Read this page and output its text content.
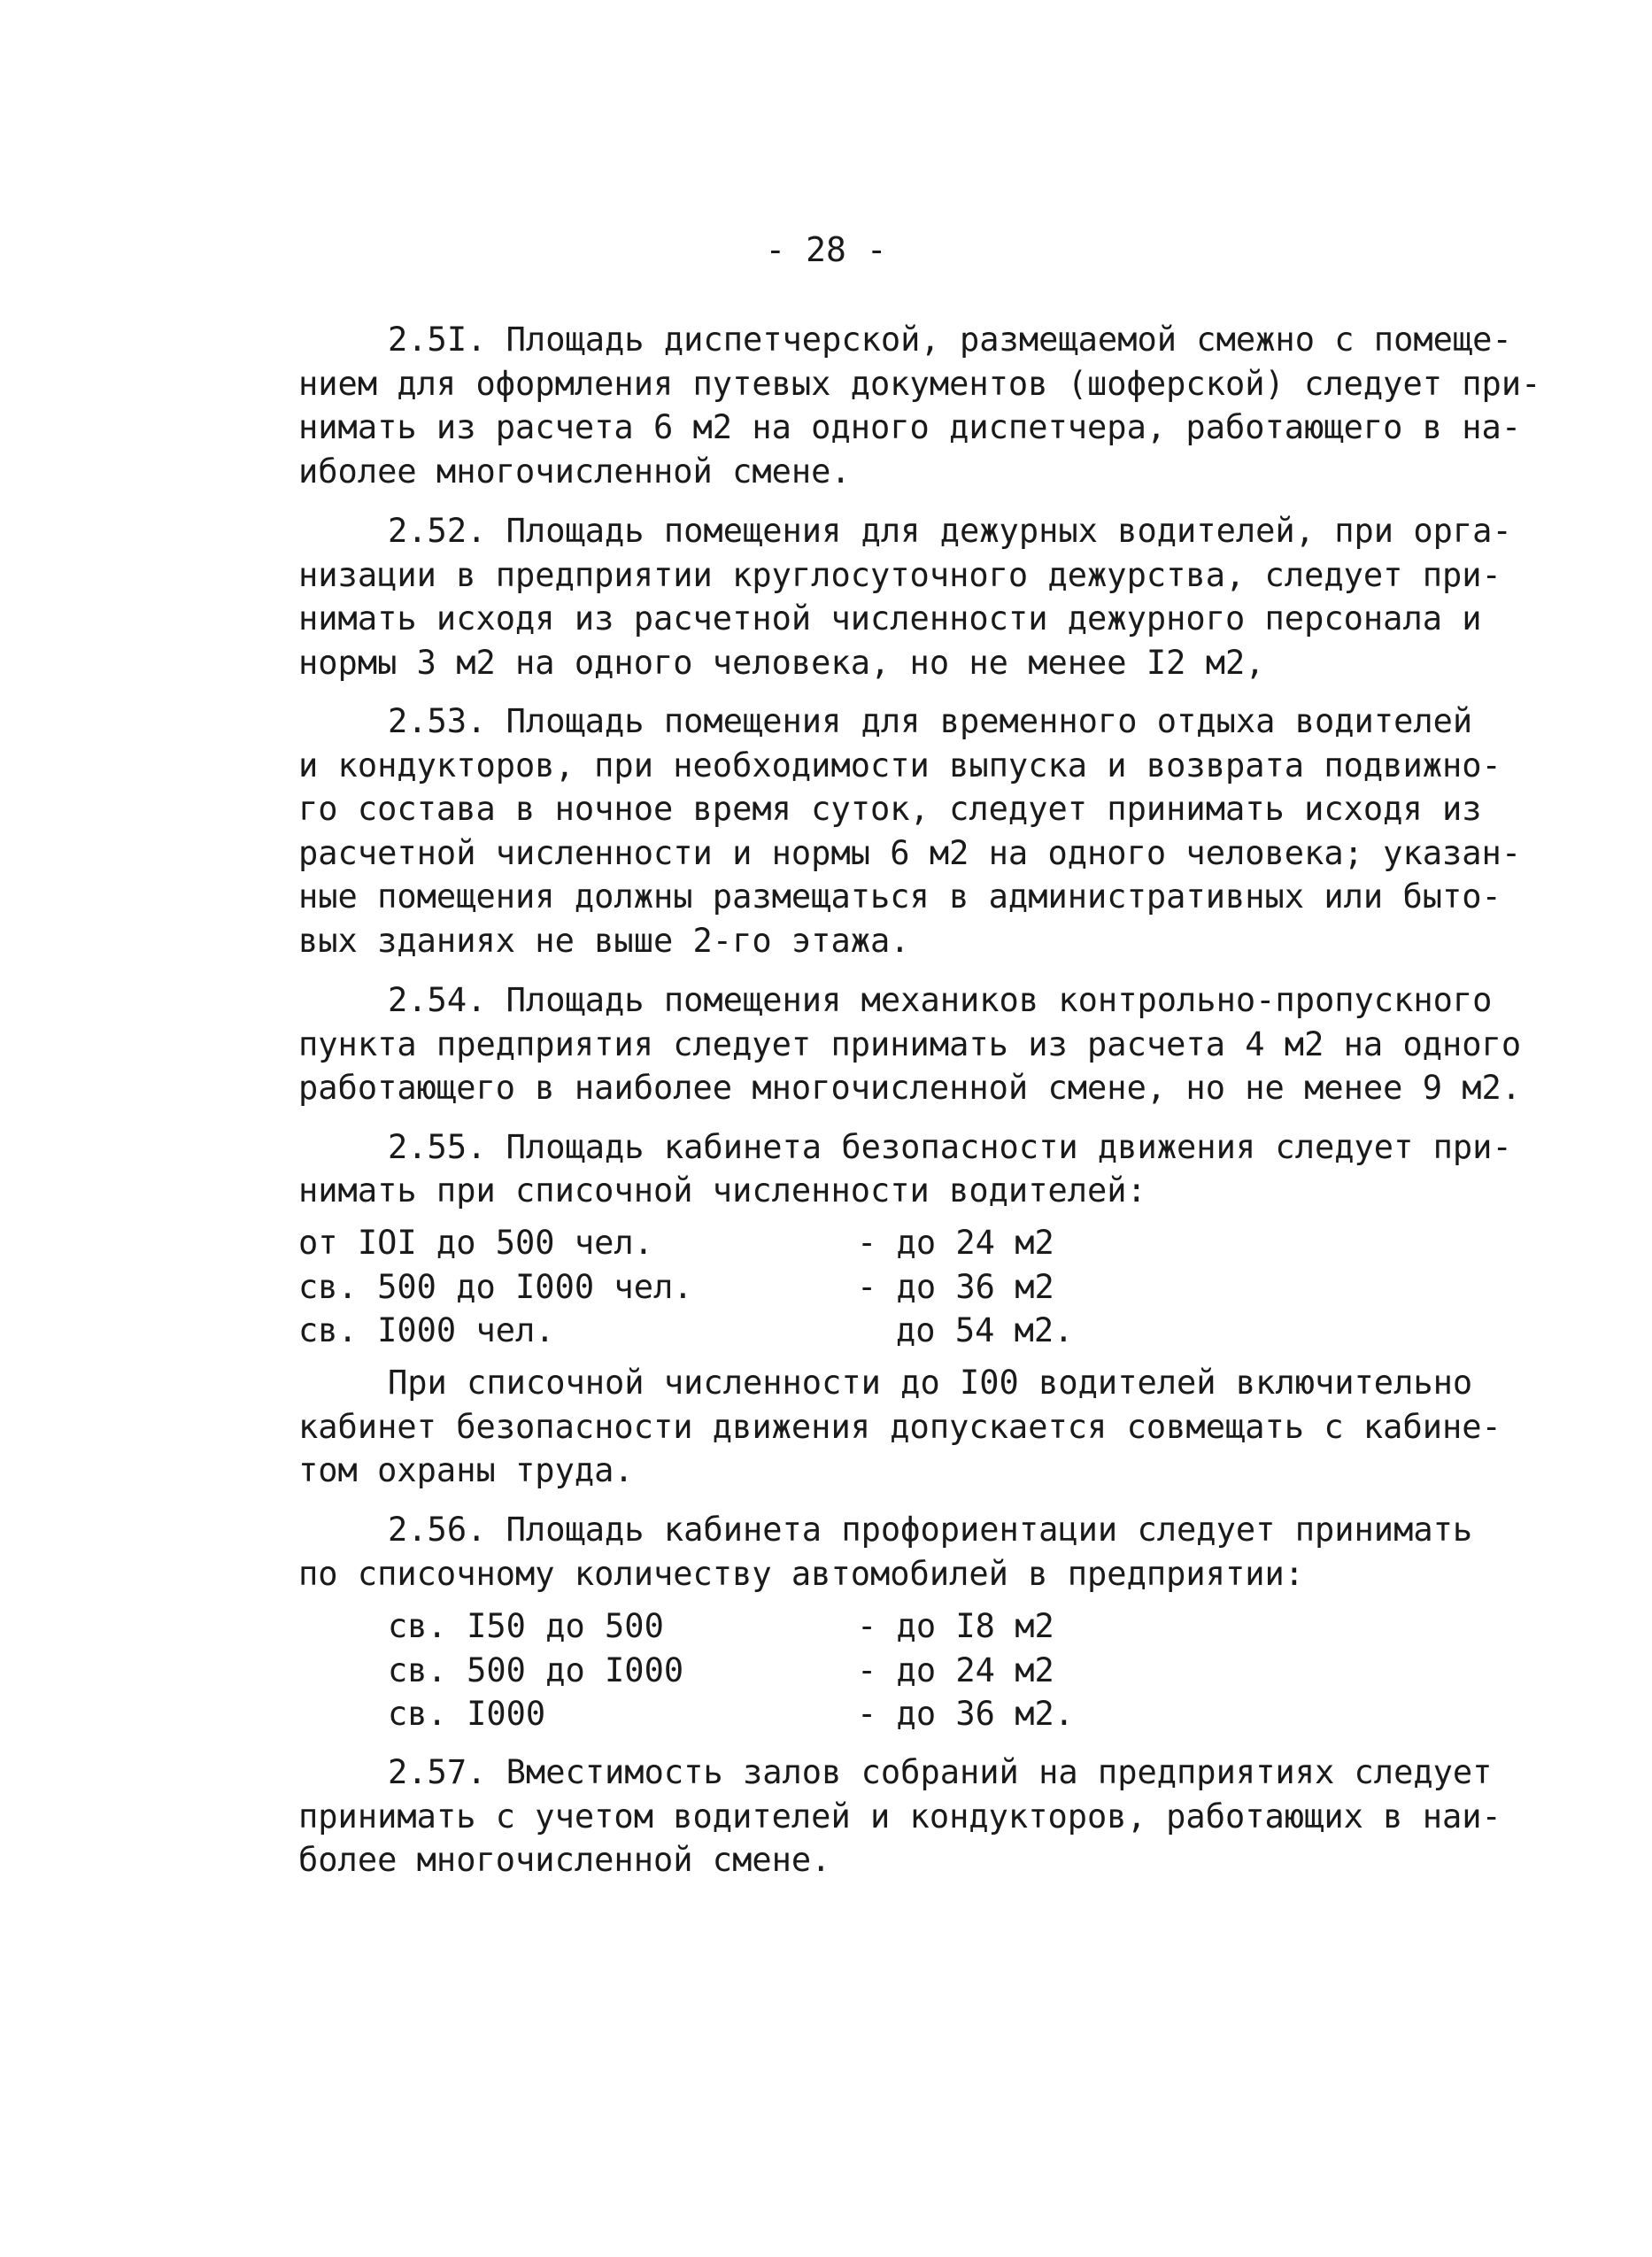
- 28 -
2.5I. Площадь диспетчерской, размещаемой смежно с помеще-
нием для оформления путевых документов (шоферской) следует при-
нимать из расчета 6 м2 на одного диспетчера, работающего в на-
иболее многочисленной смене.
2.52. Площадь помещения для дежурных водителей, при орга-
низации в предприятии круглосуточного дежурства, следует при-
нимать исходя из расчетной численности дежурного персонала и
нормы 3 м2 на одного человека, но не менее I2 м2,
2.53. Площадь помещения для временного отдыха водителей
и кондукторов, при необходимости выпуска и возврата подвижно-
го состава в ночное время суток, следует принимать исходя из
расчетной численности и нормы 6 м2 на одного человека; указан-
ные помещения должны размещаться в административных или быто-
вых зданиях не выше 2-го этажа.
2.54. Площадь помещения механиков контрольно-пропускного
пункта предприятия следует принимать из расчета 4 м2 на одного
работающего в наиболее многочисленной смене, но не менее 9 м2.
2.55. Площадь кабинета безопасности движения следует при-
нимать при списочной численности водителей:
от IOI до 500 чел.	- до 24 м2
св. 500 до I000 чел.	- до 36 м2
св. I000 чел.	до 54 м2.
При списочной численности до I00 водителей включительно
кабинет безопасности движения допускается совмещать с кабине-
том охраны труда.
2.56. Площадь кабинета профориентации следует принимать
по списочному количеству автомобилей в предприятии:
св. I50 до 500	- до I8 м2
св. 500 до I000	- до 24 м2
св. I000	- до 36 м2.
2.57. Вместимость залов собраний на предприятиях следует
принимать с учетом водителей и кондукторов, работающих в наи-
более многочисленной смене.
